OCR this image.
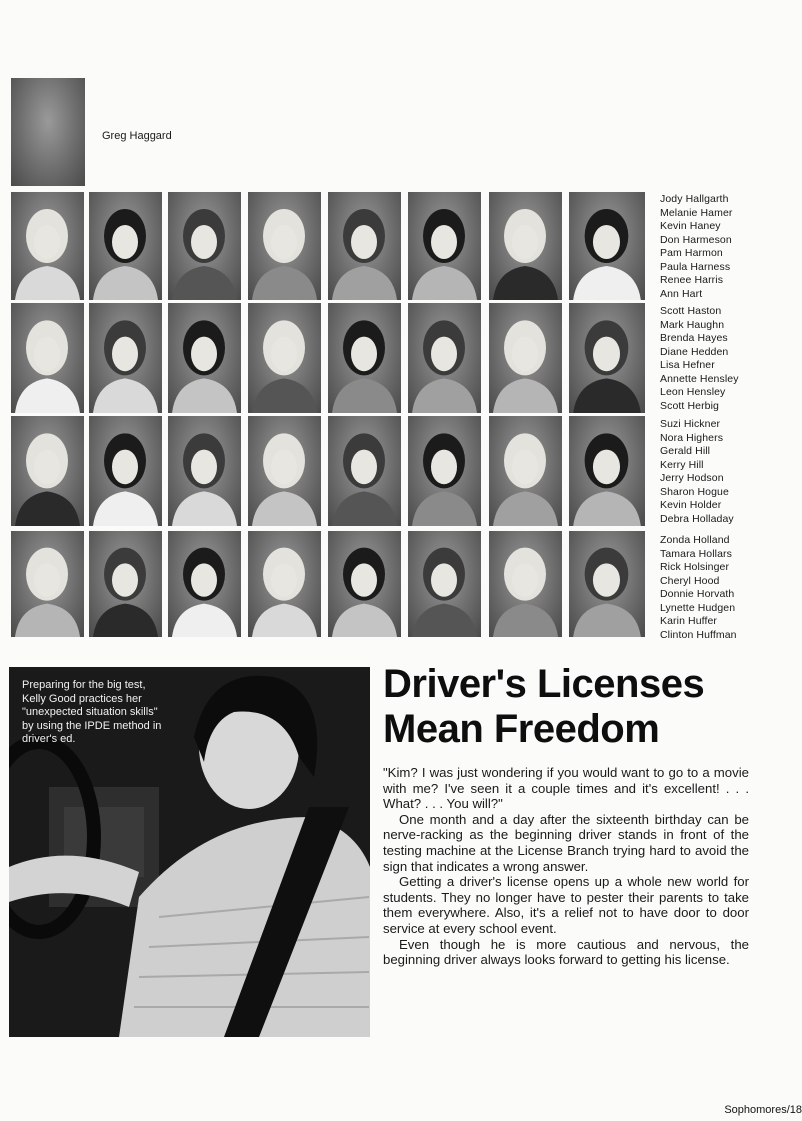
Greg Haggard
Jody Hallgarth
Melanie Hamer
Kevin Haney
Don Harmeson
Pam Harmon
Paula Harness
Renee Harris
Ann Hart
Scott Haston
Mark Haughn
Brenda Hayes
Diane Hedden
Lisa Hefner
Annette Hensley
Leon Hensley
Scott Herbig
Suzi Hickner
Nora Highers
Gerald Hill
Kerry Hill
Jerry Hodson
Sharon Hogue
Kevin Holder
Debra Holladay
Zonda Holland
Tamara Hollars
Rick Holsinger
Cheryl Hood
Donnie Horvath
Lynette Hudgen
Karin Huffer
Clinton Huffman
Preparing for the big test,
Kelly Good practices her
"unexpected situation skills"
by using the IPDE method in
driver's ed.
Driver's Licenses
Mean Freedom

"Kim? I was just wondering if you would want to go to a movie with me? I've seen it a couple times and it's excellent! . . . What? . . . You will?"

One month and a day after the sixteenth birthday can be nerve-racking as the beginning driver stands in front of the testing machine at the License Branch trying hard to avoid the sign that indicates a wrong answer.

Getting a driver's license opens up a whole new world for students. They no longer have to pester their parents to take them everywhere. Also, it's a relief not to have door to door service at every school event.

Even though he is more cautious and nervous, the beginning driver always looks forward to getting his license.

Sophomores/18
